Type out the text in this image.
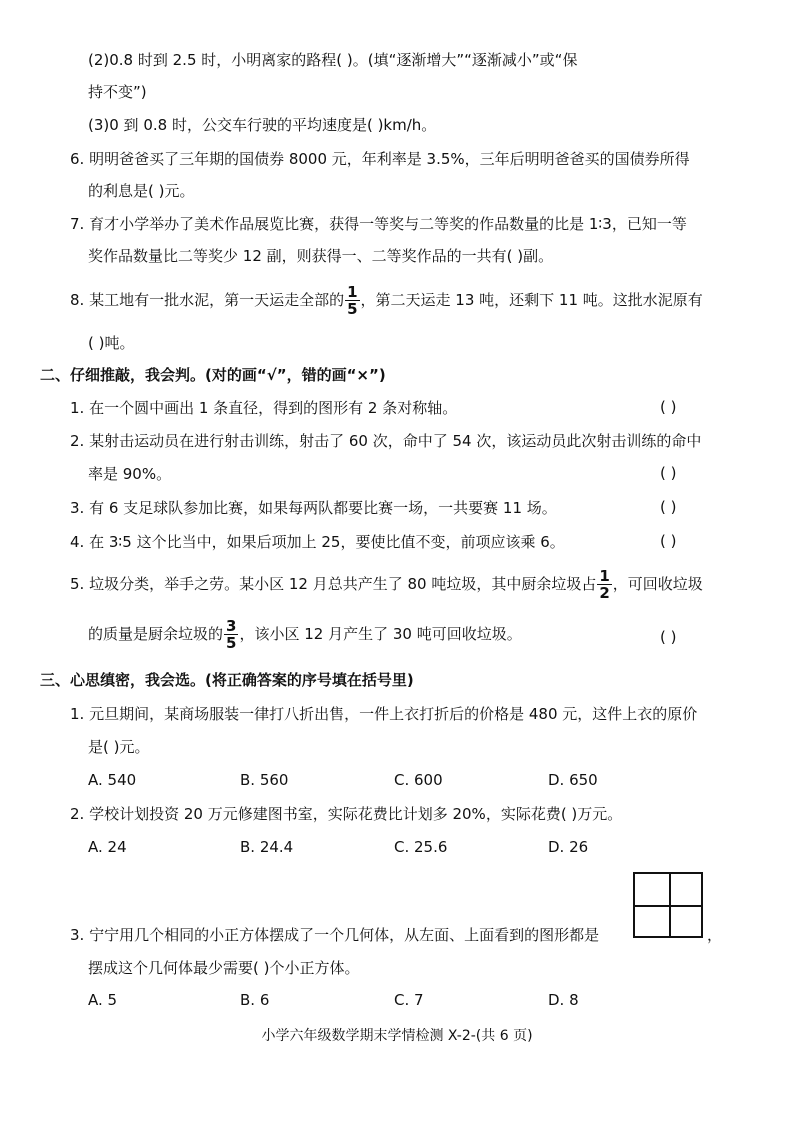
(2)0.8 时到 2.5 时，小明离家的路程( )。(填“逐渐增大”“逐渐减小”或“保
持不变”)
(3)0 到 0.8 时，公交车行驶的平均速度是( )km/h。
6. 明明爸爸买了三年期的国债券 8000 元，年利率是 3.5%，三年后明明爸爸买的国债券所得
的利息是( )元。
7. 育才小学举办了美术作品展览比赛，获得一等奖与二等奖的作品数量的比是 1∶3，已知一等
奖作品数量比二等奖少 12 副，则获得一、二等奖作品的一共有( )副。
8. 某工地有一批水泥，第一天运走全部的 $\frac{1}{5}$ ，第二天运走 13 吨，还剩下 11 吨。这批水泥原有
( )吨。
二、仔细推敲，我会判。(对的画“√”，错的画“×”)
1. 在一个圆中画出 1 条直径，得到的图形有 2 条对称轴。	( )
2. 某射击运动员在进行射击训练，射击了 60 次，命中了 54 次，该运动员此次射击训练的命中
率是 90%。	( )
3. 有 6 支足球队参加比赛，如果每两队都要比赛一场，一共要赛 11 场。	( )
4. 在 3∶5 这个比当中，如果后项加上 25，要使比值不变，前项应该乘 6。	( )
5. 垃圾分类，举手之劳。某小区 12 月总共产生了 80 吨垃圾，其中厨余垃圾占 $\frac{1}{2}$ ，可回收垃圾
的质量是厨余垃圾的 $\frac{3}{5}$ ，该小区 12 月产生了 30 吨可回收垃圾。	( )
三、心思缜密，我会选。(将正确答案的序号填在括号里)
1. 元旦期间，某商场服装一律打八折出售，一件上衣打折后的价格是 480 元，这件上衣的原价
是( )元。
A. 540	B. 560	C. 600	D. 650
2. 学校计划投资 20 万元修建图书室，实际花费比计划多 20%，实际花费( )万元。
A. 24	B. 24.4	C. 25.6	D. 26
3. 宁宁用几个相同的小正方体摆成了一个几何体，从左面、上面看到的图形都是	，
摆成这个几何体最少需要( )个小正方体。
A. 5	B. 6	C. 7	D. 8
小学六年级数学期末学情检测 X-2-(共 6 页)
